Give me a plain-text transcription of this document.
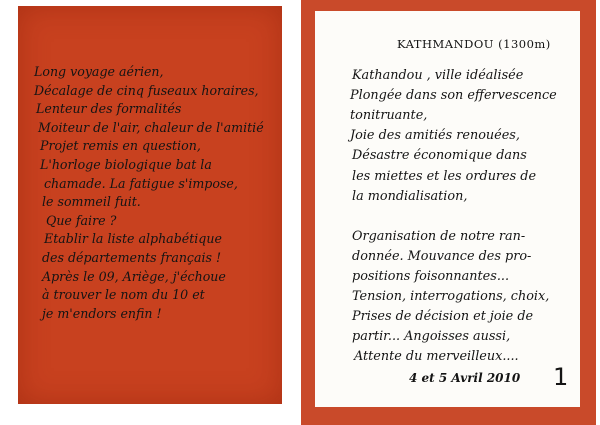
Long voyage aérien,
Décalage de cinq fuseaux horaires,
Lenteur des formalités
Moiteur de l'air, chaleur de l'amitié
Projet remis en question,
L'horloge biologique bat la
chamade. La fatigue s'impose,
le sommeil fuit.
Que faire ?
Etablir la liste alphabétique
des départements français !
Après le 09, Ariège, j'échoue
à trouver le nom du 10 et
je m'endors enfin !
KATHMANDOU (1300m)
Kathandou , ville idéalisée
Plongée dans son effervescence
tonitruante,
Joie des amitiés renouées,
Désastre économique dans
les miettes et les ordures de
la mondialisation,
Organisation de notre ran-
donnée. Mouvance des pro-
positions foisonnantes...
Tension, interrogations, choix,
Prises de décision et joie de
partir... Angoisses aussi,
Attente du merveilleux....
4 et 5 Avril 2010 1
